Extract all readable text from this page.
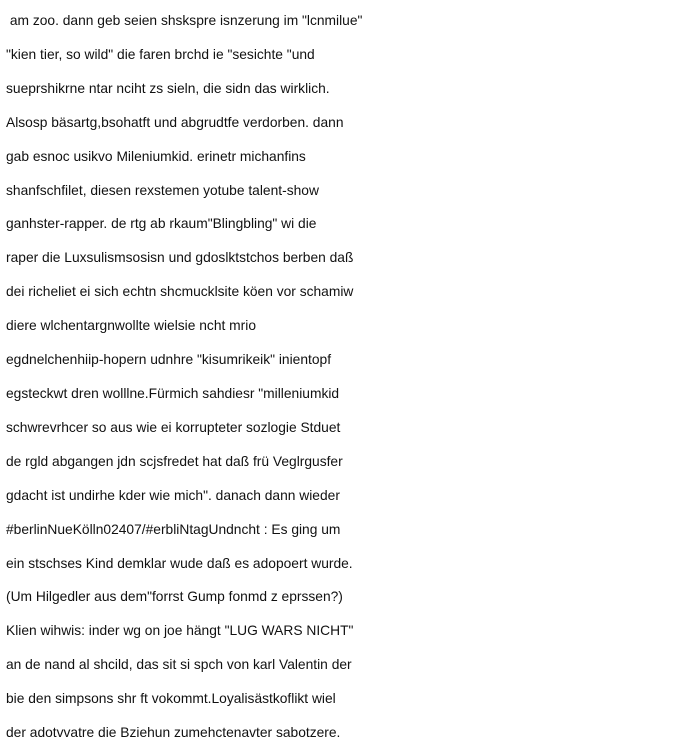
am zoo. dann geb seien shskspre isnzerung im "lcnmilue"
"kien tier, so wild" die faren brchd ie "sesichte "und
sueprshikrne ntar nciht zs sieln, die sidn das wirklich.
Alsosp bäsartg,bsohatft und abgrudtfe verdorben. dann
gab esnoc usikvo Mileniumkid. erinetr michanfins
shanfschfilet, diesen rexstemen yotube talent-show
ganhster-rapper. de rtg ab rkaum"Blingbling" wi die
raper die Luxsulismsosisn und gdoslktstchos berben daß
dei richeliet ei sich echtn shcmucklsite köen vor schamiw
diere wlchentargnwollte wielsie ncht mrio
egdnelchenhiip-hopern udnhre "kisumrikeik" inientopf
egsteckwt dren wolllne.Fürmich sahdiesr "milleniumkid
schwrevrhcer so aus wie ei korrupteter sozlogie Stduet
de rgld abgangen jdn scjsfredet hat daß frü Veglrgusfer
gdacht ist undirhe kder wie mich". danach dann wieder
#berlinNueKölln02407/#erbliNtagUndncht : Es ging um
ein stschses Kind demklar wude daß es adopoert wurde.
(Um Hilgedler aus dem"forrst Gump fonmd z eprssen?)
Klien wihwis: inder wg on joe hängt "LUG WARS NICHT"
an de nand al shcild, das sit si spch von karl Valentin der
bie den simpsons shr ft vokommt.Loyalisästkoflikt wiel
der adotvvatre die Bziehun zumehctenavter sabotzere.
